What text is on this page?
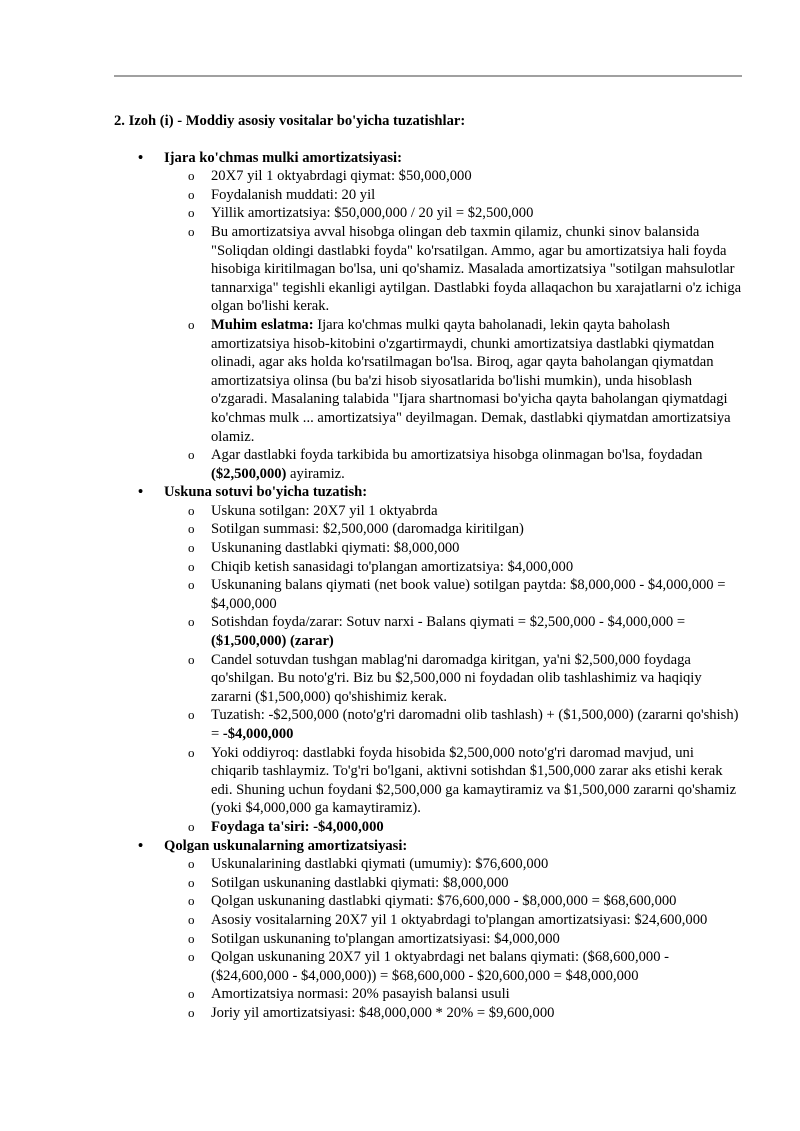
2. Izoh (i) - Moddiy asosiy vositalar bo'yicha tuzatishlar:
• Ijara ko'chmas mulki amortizatsiyasi:
o 20X7 yil 1 oktyabrdagi qiymat: $50,000,000
o Foydalanish muddati: 20 yil
o Yillik amortizatsiya: $50,000,000 / 20 yil = $2,500,000
o Bu amortizatsiya avval hisobga olingan deb taxmin qilamiz, chunki sinov balansida "Soliqdan oldingi dastlabki foyda" ko'rsatilgan. Ammo, agar bu amortizatsiya hali foyda hisobiga kiritilmagan bo'lsa, uni qo'shamiz. Masalada amortizatsiya "sotilgan mahsulotlar tannarxiga" tegishli ekanligi aytilgan. Dastlabki foyda allaqachon bu xarajatlarni o'z ichiga olgan bo'lishi kerak.
o Muhim eslatma: Ijara ko'chmas mulki qayta baholanadi, lekin qayta baholash amortizatsiya hisob-kitobini o'zgartirmaydi, chunki amortizatsiya dastlabki qiymatdan olinadi, agar aks holda ko'rsatilmagan bo'lsa. Biroq, agar qayta baholangan qiymatdan amortizatsiya olinsa (bu ba'zi hisob siyosatlarida bo'lishi mumkin), unda hisoblash o'zgaradi. Masalaning talabida "Ijara shartnomasi bo'yicha qayta baholangan qiymatdagi ko'chmas mulk ... amortizatsiya" deyilmagan. Demak, dastlabki qiymatdan amortizatsiya olamiz.
o Agar dastlabki foyda tarkibida bu amortizatsiya hisobga olinmagan bo'lsa, foydadan ($2,500,000) ayiramiz.
• Uskuna sotuvi bo'yicha tuzatish:
o Uskuna sotilgan: 20X7 yil 1 oktyabrda
o Sotilgan summasi: $2,500,000 (daromadga kiritilgan)
o Uskunaning dastlabki qiymati: $8,000,000
o Chiqib ketish sanasidagi to'plangan amortizatsiya: $4,000,000
o Uskunaning balans qiymati (net book value) sotilgan paytda: $8,000,000 - $4,000,000 = $4,000,000
o Sotishdan foyda/zarar: Sotuv narxi - Balans qiymati = $2,500,000 - $4,000,000 = ($1,500,000) (zarar)
o Candel sotuvdan tushgan mablag'ni daromadga kiritgan, ya'ni $2,500,000 foydaga qo'shilgan. Bu noto'g'ri. Biz bu $2,500,000 ni foydadan olib tashlashimiz va haqiqiy zararni ($1,500,000) qo'shishimiz kerak.
o Tuzatish: -$2,500,000 (noto'g'ri daromadni olib tashlash) + ($1,500,000) (zararni qo'shish) = -$4,000,000
o Yoki oddiyroq: dastlabki foyda hisobida $2,500,000 noto'g'ri daromad mavjud, uni chiqarib tashlaymiz. To'g'ri bo'lgani, aktivni sotishdan $1,500,000 zarar aks etishi kerak edi. Shuning uchun foydani $2,500,000 ga kamaytiramiz va $1,500,000 zararni qo'shamiz (yoki $4,000,000 ga kamaytiramiz).
o Foydaga ta'siri: -$4,000,000
• Qolgan uskunalarning amortizatsiyasi:
o Uskunalarining dastlabki qiymati (umumiy): $76,600,000
o Sotilgan uskunaning dastlabki qiymati: $8,000,000
o Qolgan uskunaning dastlabki qiymati: $76,600,000 - $8,000,000 = $68,600,000
o Asosiy vositalarning 20X7 yil 1 oktyabrdagi to'plangan amortizatsiyasi: $24,600,000
o Sotilgan uskunaning to'plangan amortizatsiyasi: $4,000,000
o Qolgan uskunaning 20X7 yil 1 oktyabrdagi net balans qiymati: ($68,600,000 - ($24,600,000 - $4,000,000)) = $68,600,000 - $20,600,000 = $48,000,000
o Amortizatsiya normasi: 20% pasayish balansi usuli
o Joriy yil amortizatsiyasi: $48,000,000 * 20% = $9,600,000
